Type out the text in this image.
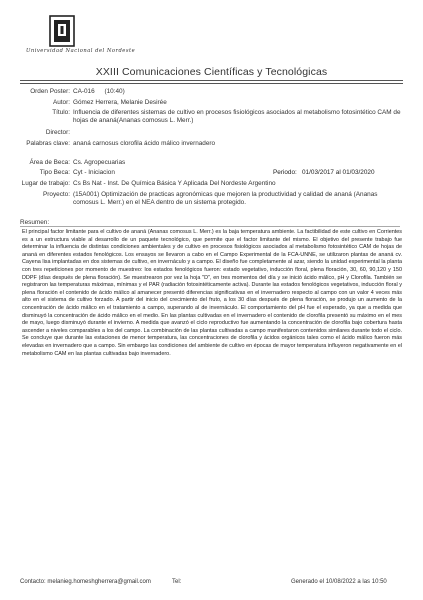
Universidad Nacional del Nordeste
XXIII Comunicaciones Científicas y Tecnológicas
Orden Poster: CA-016 (10:40)
Autor: Gómez Herrera, Melanie Desirée
Título: Influencia de diferentes sistemas de cultivo en procesos fisiológicos asociados al metabolismo fotosintético CAM de hojas de ananá(Ananas comosus L. Merr.)
Director:
Palabras clave: ananá carnosus clorofila ácido málico invernadero
Área de Beca: Cs. Agropecuarias
Tipo Beca: Cyt - Iniciacion	Periodo: 01/03/2017 al 01/03/2020
Lugar de trabajo: Cs Bs Nat - Inst. De Química Básica Y Aplicada Del Nordeste Argentino
Proyecto: (15A001) Optimización de practicas agronómicas que mejoren la productividad y calidad de ananá (Ananas comosus L. Merr.) en el NEA dentro de un sistema protegido.
Resumen:
El principal factor limitante para el cultivo de ananá (Ananas comosus L. Merr.) es la baja temperatura ambiente. La factibilidad de este cultivo en Corrientes es a un estructura viable al desarrollo de un paquete tecnológico, que permite que el factor limitante del mismo. El objetivo del presente trabajo fue determinar la influencia de distintas condiciones ambientales y de cultivo en procesos fisiológicos asociados al metabolismo fotosintético CAM de hojas de ananá en diferentes estados fenológicos. Los ensayos se llevaron a cabo en el Campo Experimental de la FCA-UNNE, se utilizaron plantas de ananá cv. Cayena lisa implantadas en dos sistemas de cultivo, en invernáculo y a campo. El diseño fue completamente al azar, siendo la unidad experimental la planta con tres repeticiones por momento de muestreo: los estados fenológicos fueron: estado vegetativo, inducción floral, plena floración, 30, 60, 90,120 y 150 DDPF (días después de plena floración). Se muestrearon por vez la hoja "D", en tres momentos del día y se inició ácido málico, pH y Clorofila. También se registraron las temperaturas máximas, mínimas y el PAR (radiación fotosintéticamente activa). Durante las estados fenológicos vegetativos, inducción floral y plena floración el contenido de ácido málico al amanecer presentó diferencias significativas en el invernadero respecto al campo con un valor 4 veces más alto en el sistema de cultivo forzado. A partir del inicio del crecimiento del fruto, a los 30 días después de plena floración, se produjo un aumento de la concentración de ácido málico en el tratamiento a campo, superando al de invernáculo. El comportamiento del pH fue el esperado, ya que a medida que disminuyó la concentración de ácido málico en el medio. En las plantas cultivadas en el invernadero el contenido de clorofila presentó su máximo en el mes de mayo, luego disminuyó durante el invierno. A medida que avanzó el ciclo reproductivo fue aumentando la concentración de clorofila bajo cobertura hasta ascender a niveles comparables a los del campo. La combinación de las plantas cultivadas a campo manifestaron contenidos similares durante todo el ciclo. Se concluye que durante las estaciones de menor temperatura, las concentraciones de clorofila y ácidos orgánicos tales como el ácido málico fueron más elevadas en invernadero que a campo. Sin embargo las condiciones del ambiente de cultivo en épocas de mayor temperatura influyeron negativamente en el metabolismo CAM en las plantas cultivadas bajo invernadero.
Contacto: melanieg.homeshgherrera@gmail.com	Tel:	Generado el 10/08/2022 a las 10:50
